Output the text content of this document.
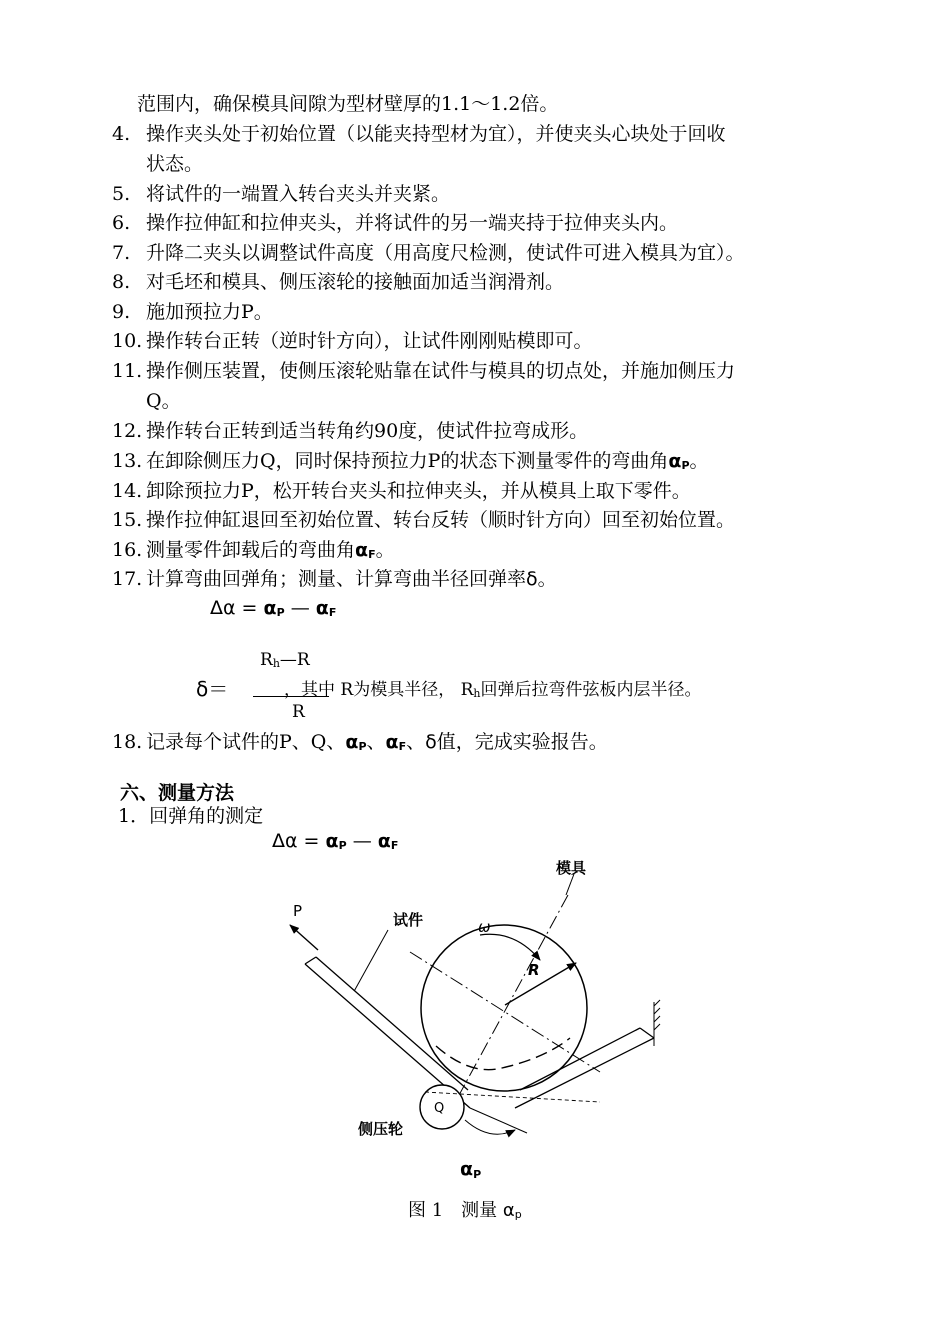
范围内，确保模具间隙为型材壁厚的1.1～1.2倍。
4. 操作夹头处于初始位置（以能夹持型材为宜），并使夹头心块处于回收
状态。
5. 将试件的一端置入转台夹头并夹紧。
6. 操作拉伸缸和拉伸夹头，并将试件的另一端夹持于拉伸夹头内。
7. 升降二夹头以调整试件高度（用高度尺检测，使试件可进入模具为宜）。
8. 对毛坯和模具、侧压滚轮的接触面加适当润滑剂。
9. 施加预拉力P。
10. 操作转台正转（逆时针方向），让试件刚刚贴模即可。
11. 操作侧压装置，使侧压滚轮贴靠在试件与模具的切点处，并施加侧压力
Q。
12. 操作转台正转到适当转角约90度，使试件拉弯成形。
13. 在卸除侧压力Q，同时保持预拉力P的状态下测量零件的弯曲角$\alpha_P$。
14. 卸除预拉力P，松开转台夹头和拉伸夹头，并从模具上取下零件。
15. 操作拉伸缸退回至初始位置、转台反转（顺时针方向）回至初始位置。
16. 测量零件卸载后的弯曲角$\alpha_F$。
17. 计算弯曲回弹角；测量、计算弯曲半径回弹率δ。
$\Delta\alpha = \alpha_P$ — $\alpha_F$
$R_h—R$
δ＝	，其中 R为模具半径， $R_h$回弹后拉弯件弦板内层半径。
R
18. 记录每个试件的P、Q、$\alpha_P$、$\alpha_F$、δ值，完成实验报告。
六、测量方法
1．回弹角的测定
$\Delta\alpha = \alpha_P$ — $\alpha_F$
模具
试件
P
ω
R
Q
侧压轮
αP
图 1　测量 $\alpha_p$
